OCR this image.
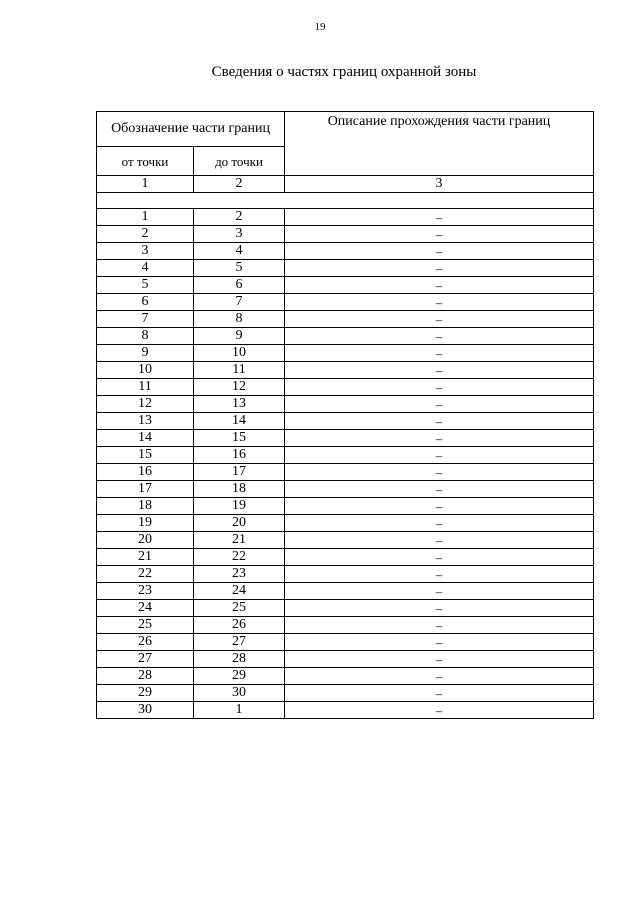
19
Сведения о частях границ охранной зоны
Обозначение части границ		Описание прохождения части границ
от точки	до точки	
1	2	3

1	2	–
2	3	–
3	4	–
4	5	–
5	6	–
6	7	–
7	8	–
8	9	–
9	10	–
10	11	–
11	12	–
12	13	–
13	14	–
14	15	–
15	16	–
16	17	–
17	18	–
18	19	–
19	20	–
20	21	–
21	22	–
22	23	–
23	24	–
24	25	–
25	26	–
26	27	–
27	28	–
28	29	–
29	30	–
30	1	–
